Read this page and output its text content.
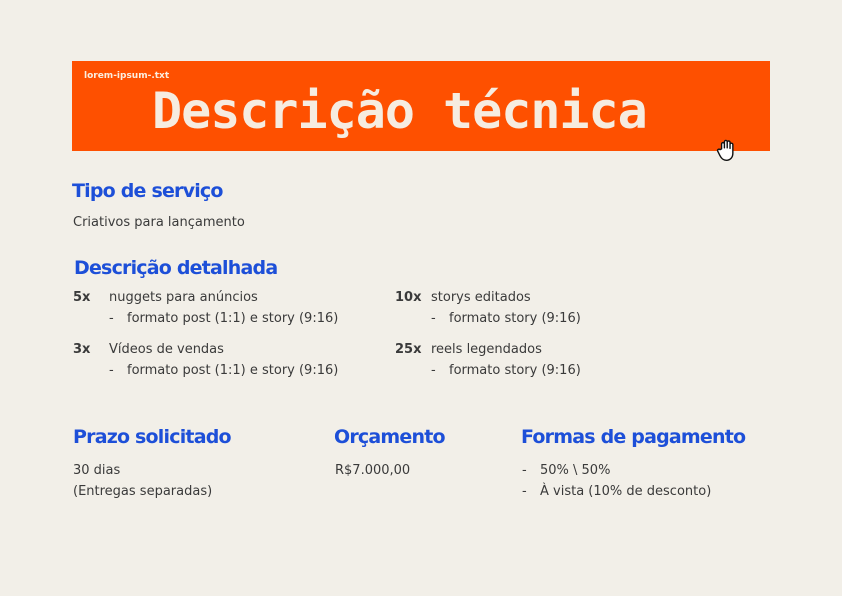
lorem-ipsum-.txt
Descrição técnica
Tipo de serviço
Criativos para lançamento
Descrição detalhada
5x nuggets para anúncios
- formato post (1:1) e story (9:16)
3x Vídeos de vendas
- formato post (1:1) e story (9:16)
10x storys editados
- formato story (9:16)
25x reels legendados
- formato story (9:16)
Prazo solicitado
30 dias
(Entregas separadas)
Orçamento
R$7.000,00
Formas de pagamento
- 50% \ 50%
- À vista (10% de desconto)
